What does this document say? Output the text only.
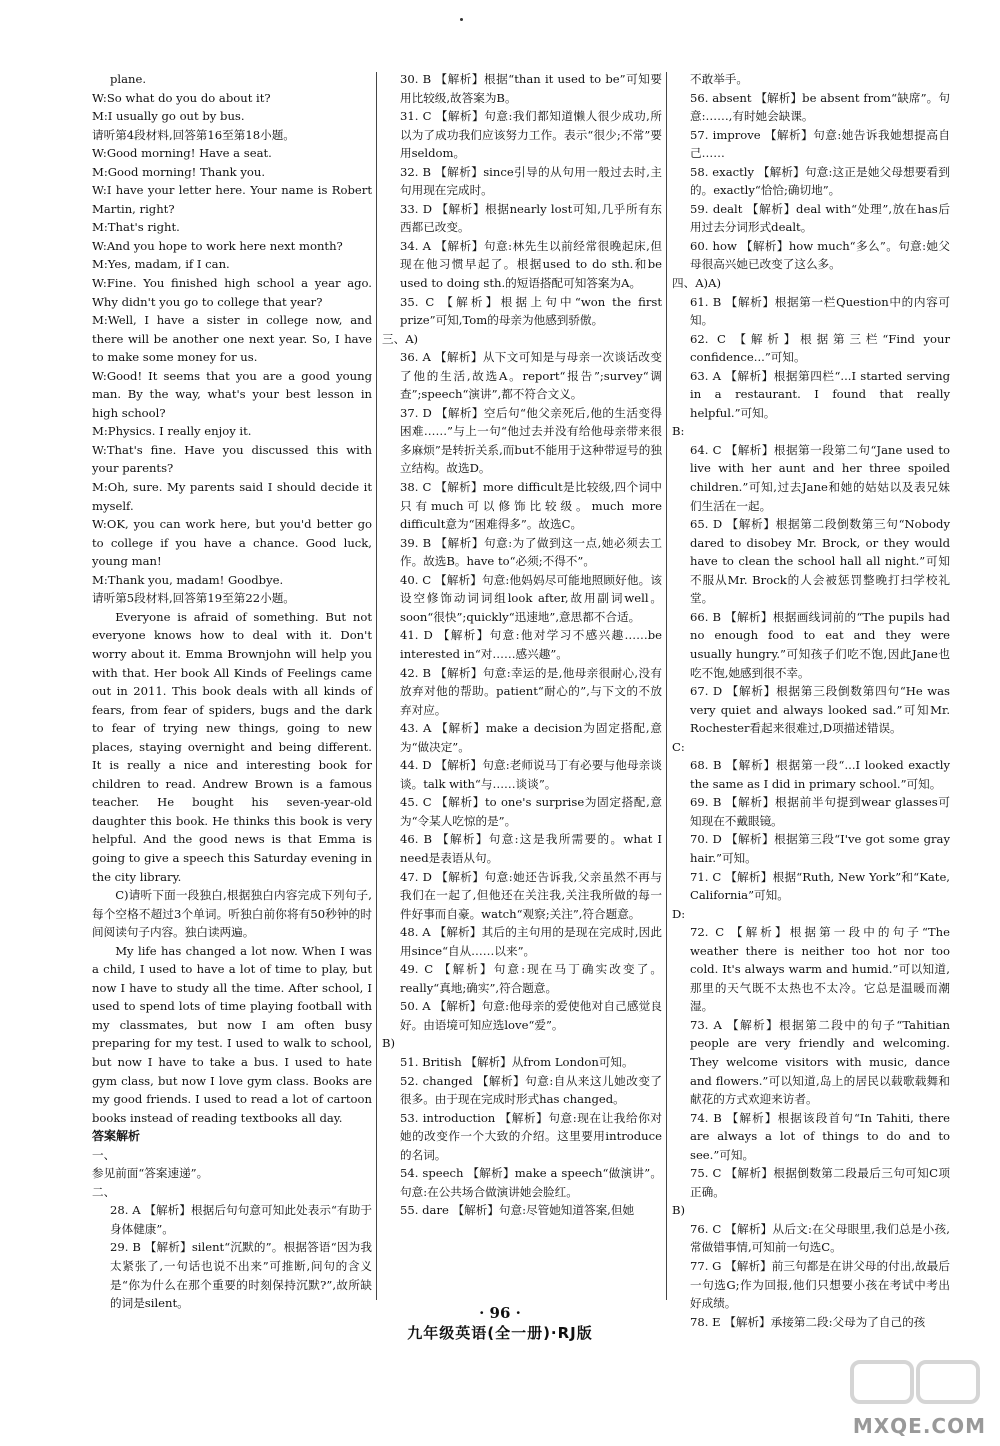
plane.
W:So what do you do about it?
M:I usually go out by bus.
请听第4段材料,回答第16至第18小题。
W:Good morning! Have a seat.
M:Good morning! Thank you.
W:I have your letter here. Your name is Robert Martin, right?
M:That's right.
W:And you hope to work here next month?
M:Yes, madam, if I can.
W:Fine. You finished high school a year ago. Why didn't you go to college that year?
M:Well, I have a sister in college now, and there will be another one next year. So, I have to make some money for us.
W:Good! It seems that you are a good young man. By the way, what's your best lesson in high school?
M:Physics. I really enjoy it.
W:That's fine. Have you discussed this with your parents?
M:Oh, sure. My parents said I should decide it myself.
W:OK, you can work here, but you'd better go to college if you have a chance. Good luck, young man!
M:Thank you, madam! Goodbye.
请听第5段材料,回答第19至第22小题。
Everyone is afraid of something. But not everyone knows how to deal with it. Don't worry about it. Emma Brownjohn will help you with that. Her book All Kinds of Feelings came out in 2011. This book deals with all kinds of fears, from fear of spiders, bugs and the dark to fear of trying new things, going to new places, staying overnight and being different. It is really a nice and interesting book for children to read. Andrew Brown is a famous teacher. He bought his seven-year-old daughter this book. He thinks this book is very helpful. And the good news is that Emma is going to give a speech this Saturday evening in the city library.
C)请听下面一段独白,根据独白内容完成下列句子,每个空格不超过3个单词。听独白前你将有50秒钟的时间阅读句子内容。独白读两遍。
My life has changed a lot now. When I was a child, I used to have a lot of time to play, but now I have to study all the time. After school, I used to spend lots of time playing football with my classmates, but now I am often busy preparing for my test. I used to walk to school, but now I have to take a bus. I used to hate gym class, but now I love gym class. Books are my good friends. I used to read a lot of cartoon books instead of reading textbooks all day.
答案解析
一、
参见前面“答案速递”。
二、
28. A 【解析】根据后句句意可知此处表示“有助于身体健康”。
29. B 【解析】silent“沉默的”。根据答语“因为我太紧张了,一句话也说不出来”可推断,问句的含义是“你为什么在那个重要的时刻保持沉默?”,故所缺的词是silent。
30. B 【解析】根据“than it used to be”可知要用比较级,故答案为B。
31. C 【解析】句意:我们都知道懒人很少成功,所以为了成功我们应该努力工作。表示“很少;不常”要用seldom。
32. B 【解析】since引导的从句用一般过去时,主句用现在完成时。
33. D 【解析】根据nearly lost可知,几乎所有东西都已改变。
34. A 【解析】句意:林先生以前经常很晚起床,但现在他习惯早起了。根据used to do sth.和be used to doing sth.的短语搭配可知答案为A。
35. C 【解析】根据上句中“won the first prize”可知,Tom的母亲为他感到骄傲。
三、A)
36. A 【解析】从下文可知是与母亲一次谈话改变了他的生活,故选A。report“报告”;survey“调查”;speech“演讲”,都不符合文义。
37. D 【解析】空后句“他父亲死后,他的生活变得困难……”与上一句“他过去并没有给他母亲带来很多麻烦”是转折关系,而but不能用于这种带逗号的独立结构。故选D。
38. C 【解析】more difficult是比较级,四个词中只有much可以修饰比较级。much more difficult意为“困难得多”。故选C。
39. B 【解析】句意:为了做到这一点,她必须去工作。故选B。have to“必须;不得不”。
40. C 【解析】句意:他妈妈尽可能地照顾好他。该设空修饰动词词组look after,故用副词well。soon“很快”;quickly“迅速地”,意思都不合适。
41. D 【解析】句意:他对学习不感兴趣……be interested in“对……感兴趣”。
42. B 【解析】句意:幸运的是,他母亲很耐心,没有放弃对他的帮助。patient“耐心的”,与下文的不放弃对应。
43. A 【解析】make a decision为固定搭配,意为“做决定”。
44. D 【解析】句意:老师说马丁有必要与他母亲谈谈。talk with“与……谈谈”。
45. C 【解析】to one's surprise为固定搭配,意为“令某人吃惊的是”。
46. B 【解析】句意:这是我所需要的。what I need是表语从句。
47. D 【解析】句意:她还告诉我,父亲虽然不再与我们在一起了,但他还在关注我,关注我所做的每一件好事而自豪。watch“观察;关注”,符合题意。
48. A 【解析】其后的主句用的是现在完成时,因此用since“自从……以来”。
49. C 【解析】句意:现在马丁确实改变了。really“真地;确实”,符合题意。
50. A 【解析】句意:他母亲的爱使他对自己感觉良好。由语境可知应选love“爱”。
B)
51. British 【解析】从from London可知。
52. changed 【解析】句意:自从来这儿她改变了很多。由于现在完成时形式has changed。
53. introduction 【解析】句意:现在让我给你对她的改变作一个大致的介绍。这里要用introduce的名词。
54. speech 【解析】make a speech“做演讲”。句意:在公共场合做演讲她会脸红。
55. dare 【解析】句意:尽管她知道答案,但她
不敢举手。
56. absent 【解析】be absent from“缺席”。句意:……,有时她会缺课。
57. improve 【解析】句意:她告诉我她想提高自己……
58. exactly 【解析】句意:这正是她父母想要看到的。exactly“恰恰;确切地”。
59. dealt 【解析】deal with“处理”,放在has后用过去分词形式dealt。
60. how 【解析】how much“多么”。句意:她父母很高兴她已改变了这么多。
四、A)A)
61. B 【解析】根据第一栏Question中的内容可知。
62. C 【解析】根据第三栏“Find your confidence...”可知。
63. A 【解析】根据第四栏“...I started serving in a restaurant. I found that really helpful.”可知。
B:
64. C 【解析】根据第一段第二句“Jane used to live with her aunt and her three spoiled children.”可知,过去Jane和她的姑姑以及表兄妹们生活在一起。
65. D 【解析】根据第二段倒数第三句“Nobody dared to disobey Mr. Brock, or they would have to clean the school hall all night.”可知不服从Mr. Brock的人会被惩罚整晚打扫学校礼堂。
66. B 【解析】根据画线词前的“The pupils had no enough food to eat and they were usually hungry.”可知孩子们吃不饱,因此Jane也吃不饱,她感到很不幸。
67. D 【解析】根据第三段倒数第四句“He was very quiet and always looked sad.”可知Mr. Rochester看起来很难过,D项描述错误。
C:
68. B 【解析】根据第一段“...I looked exactly the same as I did in primary school.”可知。
69. B 【解析】根据前半句提到wear glasses可知现在不戴眼镜。
70. D 【解析】根据第三段“I've got some gray hair.”可知。
71. C 【解析】根据“Ruth, New York”和“Kate, California”可知。
D:
72. C 【解析】根据第一段中的句子“The weather there is neither too hot nor too cold. It's always warm and humid.”可以知道,那里的天气既不太热也不太冷。它总是温暖而潮湿。
73. A 【解析】根据第二段中的句子“Tahitian people are very friendly and welcoming. They welcome visitors with music, dance and flowers.”可以知道,岛上的居民以载歌载舞和献花的方式欢迎来访者。
74. B 【解析】根据该段首句“In Tahiti, there are always a lot of things to do and to see.”可知。
75. C 【解析】根据倒数第二段最后三句可知C项正确。
B)
76. C 【解析】从后文:在父母眼里,我们总是小孩,常做错事情,可知前一句选C。
77. G 【解析】前三句都是在讲父母的付出,故最后一句选G;作为回报,他们只想要小孩在考试中考出好成绩。
78. E 【解析】承接第二段:父母为了自己的孩
· 96 ·
九年级英语(全一册)·RJ版
MXQE.COM
